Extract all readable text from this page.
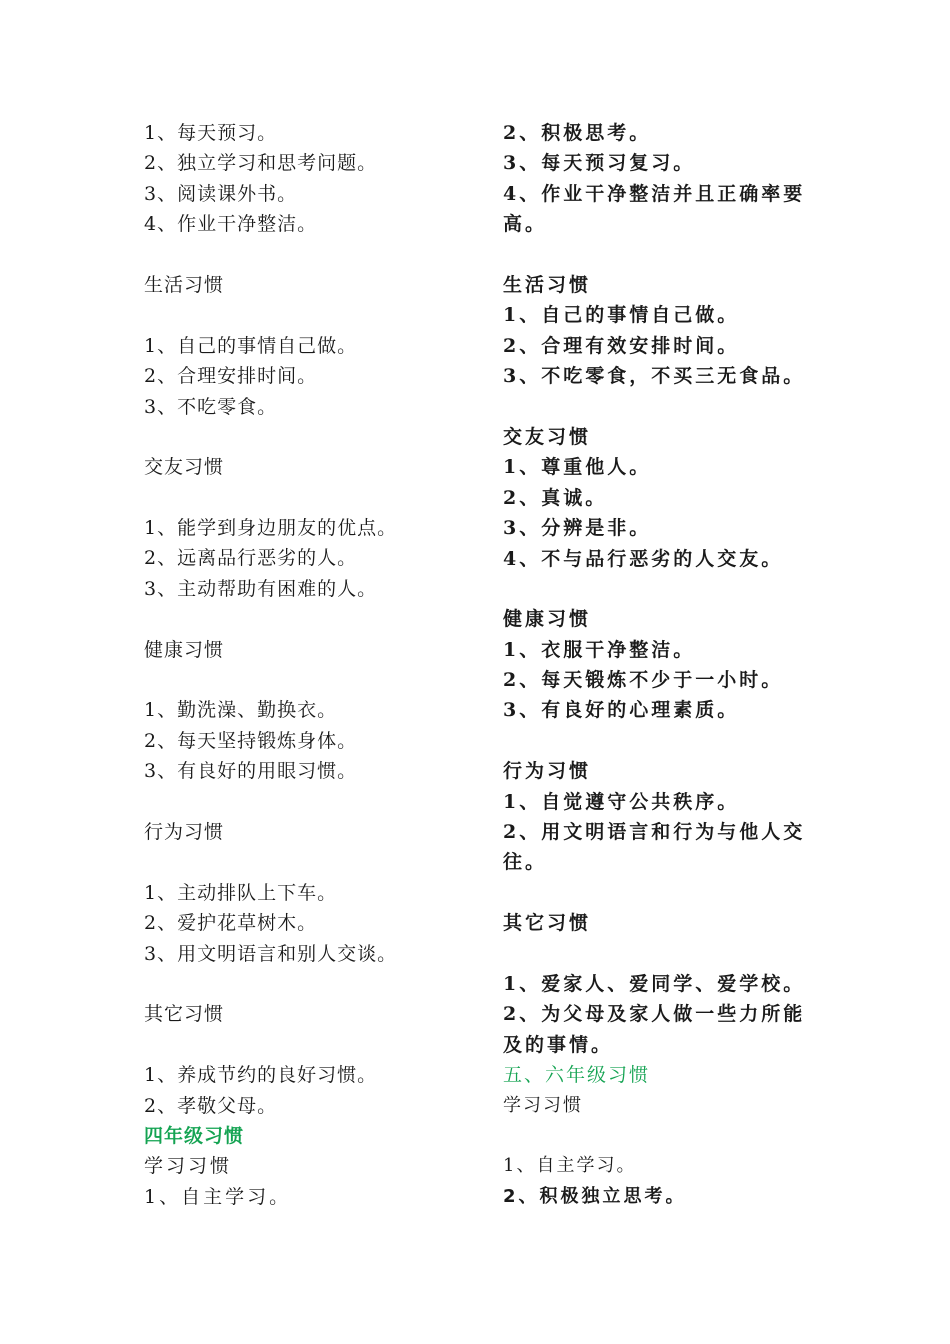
1、每天预习。
2、独立学习和思考问题。
3、阅读课外书。
4、作业干净整洁。
生活习惯
1、自己的事情自己做。
2、合理安排时间。
3、不吃零食。
交友习惯
1、能学到身边朋友的优点。
2、远离品行恶劣的人。
3、主动帮助有困难的人。
健康习惯
1、勤洗澡、勤换衣。
2、每天坚持锻炼身体。
3、有良好的用眼习惯。
行为习惯
1、主动排队上下车。
2、爱护花草树木。
3、用文明语言和别人交谈。
其它习惯
1、养成节约的良好习惯。
2、孝敬父母。
四年级习惯
学习习惯
1、自主学习。
2、积极思考。
3、每天预习复习。
4、作业干净整洁并且正确率要高。
生活习惯
1、自己的事情自己做。
2、合理有效安排时间。
3、不吃零食，不买三无食品。
交友习惯
1、尊重他人。
2、真诚。
3、分辨是非。
4、不与品行恶劣的人交友。
健康习惯
1、衣服干净整洁。
2、每天锻炼不少于一小时。
3、有良好的心理素质。
行为习惯
1、自觉遵守公共秩序。
2、用文明语言和行为与他人交往。
其它习惯
1、爱家人、爱同学、爱学校。
2、为父母及家人做一些力所能及的事情。
五、六年级习惯
学习习惯
1、自主学习。
2、积极独立思考。
